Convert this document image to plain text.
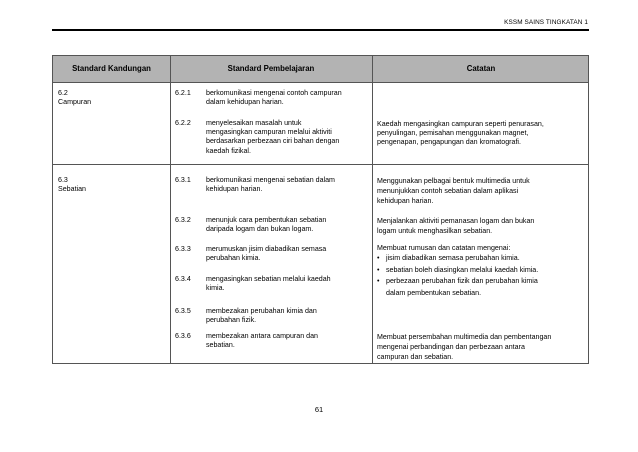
KSSM SAINS TINGKATAN 1
Standard Kandungan	Standard Pembelajaran	Catatan
6.2
Campuran
6.2.1 berkomunikasi mengenai contoh campuran
dalam kehidupan harian.
6.2.2 menyelesaikan masalah untuk
mengasingkan campuran melalui aktiviti
berdasarkan perbezaan ciri bahan dengan
kaedah fizikal.
Kaedah mengasingkan campuran seperti penurasan,
penyulingan, pemisahan menggunakan magnet,
pengenapan, pengapungan dan kromatografi.
6.3
Sebatian
6.3.1 berkomunikasi mengenai sebatian dalam
kehidupan harian.
6.3.2 menunjuk cara pembentukan sebatian
daripada logam dan bukan logam.
6.3.3 merumuskan jisim diabadikan semasa
perubahan kimia.
6.3.4 mengasingkan sebatian melalui kaedah
kimia.
6.3.5 membezakan perubahan kimia dan
perubahan fizik.
6.3.6 membezakan antara campuran dan
sebatian.
Menggunakan pelbagai bentuk multimedia untuk
menunjukkan contoh sebatian dalam aplikasi
kehidupan harian.
Menjalankan aktiviti pemanasan logam dan bukan
logam untuk menghasilkan sebatian.
Membuat rumusan dan catatan mengenai:
• jisim diabadikan semasa perubahan kimia.
• sebatian boleh diasingkan melalui kaedah kimia.
• perbezaan perubahan fizik dan perubahan kimia
dalam pembentukan sebatian.
Membuat persembahan multimedia dan pembentangan
mengenai perbandingan dan perbezaan antara
campuran dan sebatian.
61
